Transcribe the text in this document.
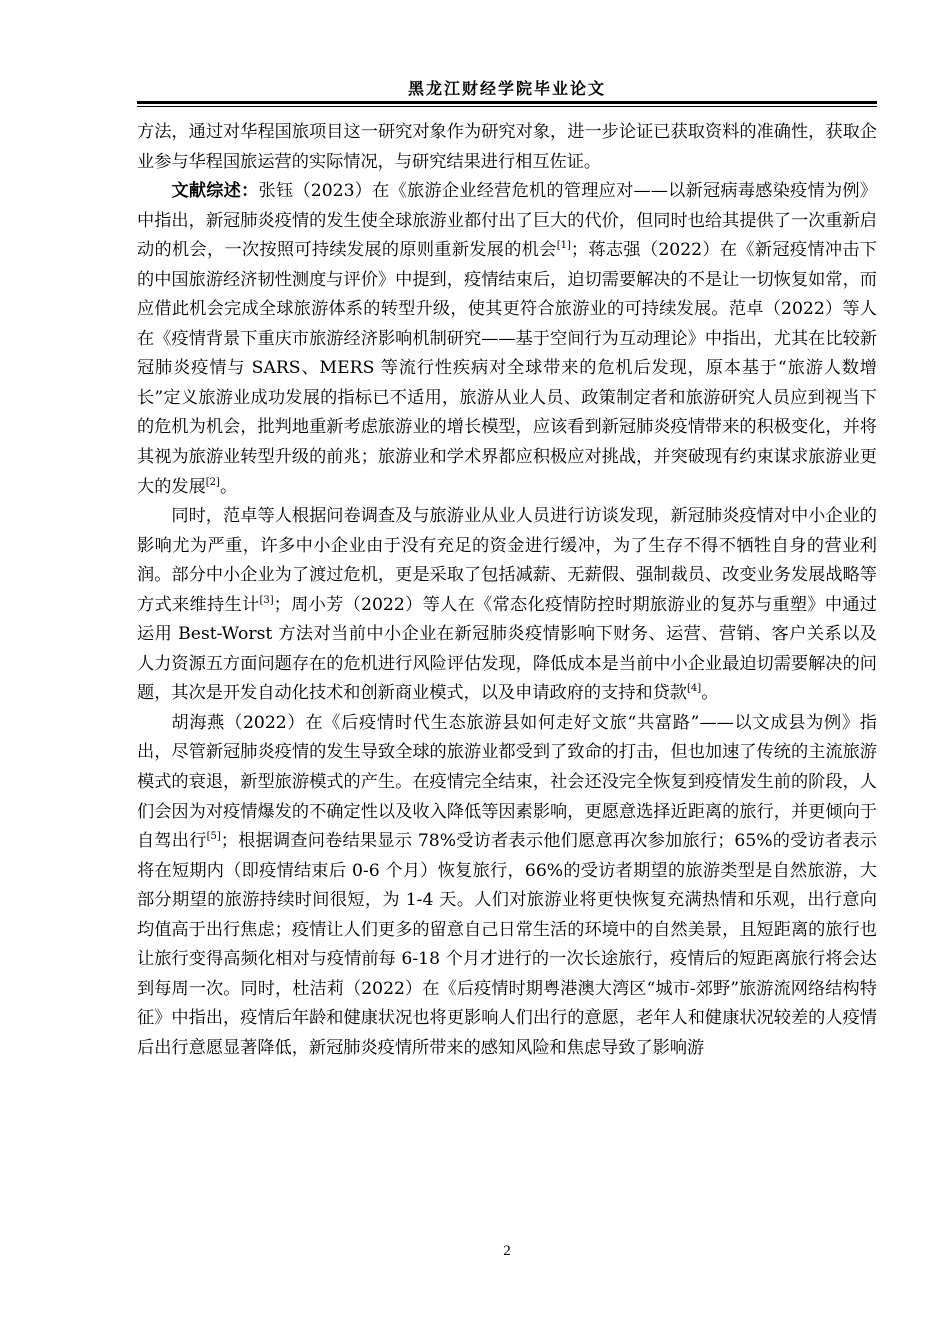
黑龙江财经学院毕业论文

方法，通过对华程国旅项目这一研究对象作为研究对象，进一步论证已获取资料的准确性，获取企业参与华程国旅运营的实际情况，与研究结果进行相互佐证。

文献综述：张钰（2023）在《旅游企业经营危机的管理应对——以新冠病毒感染疫情为例》中指出，新冠肺炎疫情的发生使全球旅游业都付出了巨大的代价，但同时也给其提供了一次重新启动的机会，一次按照可持续发展的原则重新发展的机会[1]；蒋志强（2022）在《新冠疫情冲击下的中国旅游经济韧性测度与评价》中提到，疫情结束后，迫切需要解决的不是让一切恢复如常，而应借此机会完成全球旅游体系的转型升级，使其更符合旅游业的可持续发展。范卓（2022）等人在《疫情背景下重庆市旅游经济影响机制研究——基于空间行为互动理论》中指出，尤其在比较新冠肺炎疫情与 SARS、MERS 等流行性疾病对全球带来的危机后发现，原本基于“旅游人数增长”定义旅游业成功发展的指标已不适用，旅游从业人员、政策制定者和旅游研究人员应到视当下的危机为机会，批判地重新考虑旅游业的增长模型，应该看到新冠肺炎疫情带来的积极变化，并将其视为旅游业转型升级的前兆；旅游业和学术界都应积极应对挑战，并突破现有约束谋求旅游业更大的发展[2]。

同时，范卓等人根据问卷调查及与旅游业从业人员进行访谈发现，新冠肺炎疫情对中小企业的影响尤为严重，许多中小企业由于没有充足的资金进行缓冲，为了生存不得不牺牲自身的营业利润。部分中小企业为了渡过危机，更是采取了包括减薪、无薪假、强制裁员、改变业务发展战略等方式来维持生计[3]；周小芳（2022）等人在《常态化疫情防控时期旅游业的复苏与重塑》中通过运用 Best-Worst 方法对当前中小企业在新冠肺炎疫情影响下财务、运营、营销、客户关系以及人力资源五方面问题存在的危机进行风险评估发现，降低成本是当前中小企业最迫切需要解决的问题，其次是开发自动化技术和创新商业模式，以及申请政府的支持和贷款[4]。

胡海燕（2022）在《后疫情时代生态旅游县如何走好文旅“共富路”——以文成县为例》指出，尽管新冠肺炎疫情的发生导致全球的旅游业都受到了致命的打击，但也加速了传统的主流旅游模式的衰退，新型旅游模式的产生。在疫情完全结束，社会还没完全恢复到疫情发生前的阶段，人们会因为对疫情爆发的不确定性以及收入降低等因素影响，更愿意选择近距离的旅行，并更倾向于自驾出行[5]；根据调查问卷结果显示 78%受访者表示他们愿意再次参加旅行；65%的受访者表示将在短期内（即疫情结束后 0-6 个月）恢复旅行，66%的受访者期望的旅游类型是自然旅游，大部分期望的旅游持续时间很短，为 1-4 天。人们对旅游业将更快恢复充满热情和乐观，出行意向均值高于出行焦虑；疫情让人们更多的留意自己日常生活的环境中的自然美景，且短距离的旅行也让旅行变得高频化相对与疫情前每 6-18 个月才进行的一次长途旅行，疫情后的短距离旅行将会达到每周一次。同时，杜洁莉（2022）在《后疫情时期粤港澳大湾区“城市-郊野”旅游流网络结构特征》中指出，疫情后年龄和健康状况也将更影响人们出行的意愿，老年人和健康状况较差的人疫情后出行意愿显著降低，新冠肺炎疫情所带来的感知风险和焦虑导致了影响游

2
